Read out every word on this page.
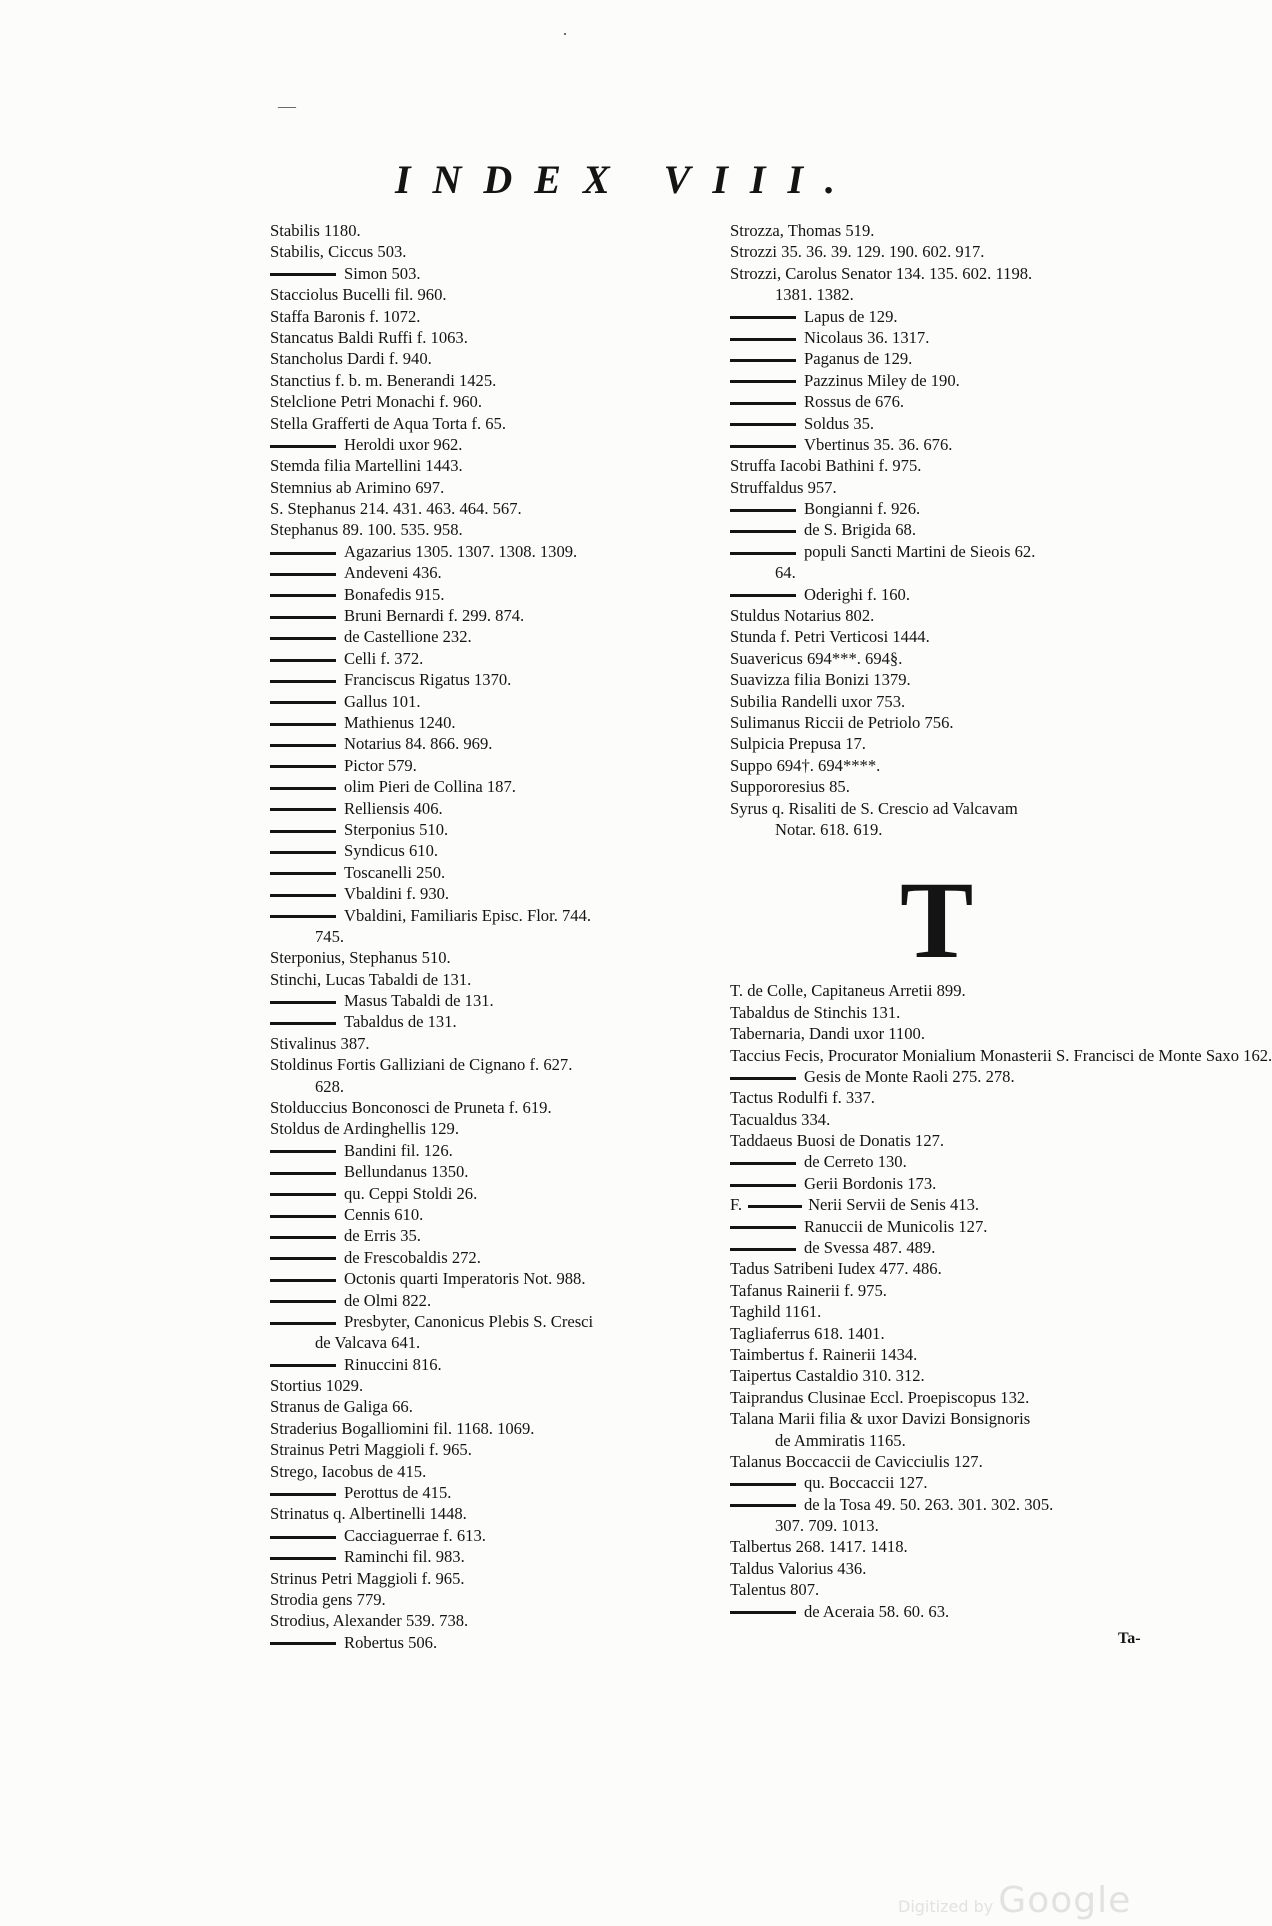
—
·
INDEX VIII.
Stabilis 1180.
Stabilis, Ciccus 503.
Simon 503.
Stacciolus Bucelli fil. 960.
Staffa Baronis f. 1072.
Stancatus Baldi Ruffi f. 1063.
Stancholus Dardi f. 940.
Stanctius f. b. m. Benerandi 1425.
Stelclione Petri Monachi f. 960.
Stella Grafferti de Aqua Torta f. 65.
Heroldi uxor 962.
Stemda filia Martellini 1443.
Stemnius ab Arimino 697.
S. Stephanus 214. 431. 463. 464. 567.
Stephanus 89. 100. 535. 958.
Agazarius 1305. 1307. 1308. 1309.
Andeveni 436.
Bonafedis 915.
Bruni Bernardi f. 299. 874.
de Castellione 232.
Celli f. 372.
Franciscus Rigatus 1370.
Gallus 101.
Mathienus 1240.
Notarius 84. 866. 969.
Pictor 579.
olim Pieri de Collina 187.
Relliensis 406.
Sterponius 510.
Syndicus 610.
Toscanelli 250.
Vbaldini f. 930.
Vbaldini, Familiaris Episc. Flor. 744.
745.
Sterponius, Stephanus 510.
Stinchi, Lucas Tabaldi de 131.
Masus Tabaldi de 131.
Tabaldus de 131.
Stivalinus 387.
Stoldinus Fortis Galliziani de Cignano f. 627.
628.
Stolduccius Bonconosci de Pruneta f. 619.
Stoldus de Ardinghellis 129.
Bandini fil. 126.
Bellundanus 1350.
qu. Ceppi Stoldi 26.
Cennis 610.
de Erris 35.
de Frescobaldis 272.
Octonis quarti Imperatoris Not. 988.
de Olmi 822.
Presbyter, Canonicus Plebis S. Cresci
de Valcava 641.
Rinuccini 816.
Stortius 1029.
Stranus de Galiga 66.
Straderius Bogalliomini fil. 1168. 1069.
Strainus Petri Maggioli f. 965.
Strego, Iacobus de 415.
Perottus de 415.
Strinatus q. Albertinelli 1448.
Cacciaguerrae f. 613.
Raminchi fil. 983.
Strinus Petri Maggioli f. 965.
Strodia gens 779.
Strodius, Alexander 539. 738.
Robertus 506.
Strozza, Thomas 519.
Strozzi 35. 36. 39. 129. 190. 602. 917.
Strozzi, Carolus Senator 134. 135. 602. 1198.
1381. 1382.
Lapus de 129.
Nicolaus 36. 1317.
Paganus de 129.
Pazzinus Miley de 190.
Rossus de 676.
Soldus 35.
Vbertinus 35. 36. 676.
Struffa Iacobi Bathini f. 975.
Struffaldus 957.
Bongianni f. 926.
de S. Brigida 68.
populi Sancti Martini de Sieois 62.
64.
Oderighi f. 160.
Stuldus Notarius 802.
Stunda f. Petri Verticosi 1444.
Suavericus 694***. 694§.
Suavizza filia Bonizi 1379.
Subilia Randelli uxor 753.
Sulimanus Riccii de Petriolo 756.
Sulpicia Prepusa 17.
Suppo 694†. 694****.
Suppororesius 85.
Syrus q. Risaliti de S. Crescio ad Valcavam
Notar. 618. 619.
T. de Colle, Capitaneus Arretii 899.
Tabaldus de Stinchis 131.
Tabernaria, Dandi uxor 1100.
Taccius Fecis, Procurator Monialium Monasterii S. Francisci de Monte Saxo 162.
Gesis de Monte Raoli 275. 278.
Tactus Rodulfi f. 337.
Tacualdus 334.
Taddaeus Buosi de Donatis 127.
de Cerreto 130.
Gerii Bordonis 173.
F.	Nerii Servii de Senis 413.
Ranuccii de Municolis 127.
de Svessa 487. 489.
Tadus Satribeni Iudex 477. 486.
Tafanus Rainerii f. 975.
Taghild 1161.
Tagliaferrus 618. 1401.
Taimbertus f. Rainerii 1434.
Taipertus Castaldio 310. 312.
Taiprandus Clusinae Eccl. Proepiscopus 132.
Talana Marii filia & uxor Davizi Bonsignoris
de Ammiratis 1165.
Talanus Boccaccii de Cavicciulis 127.
qu. Boccaccii 127.
de la Tosa 49. 50. 263. 301. 302. 305.
307. 709. 1013.
Talbertus 268. 1417. 1418.
Taldus Valorius 436.
Talentus 807.
de Aceraia 58. 60. 63.
T
Ta-
Digitized by Google
